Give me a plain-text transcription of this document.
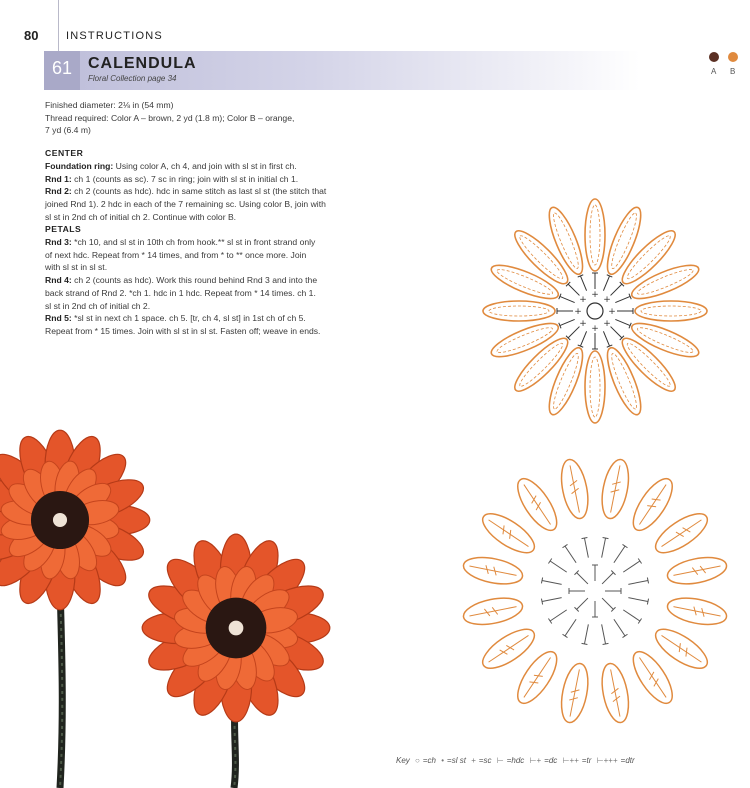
80	INSTRUCTIONS
61 CALENDULA
Floral Collection page 34
A B

Finished diameter: 2⅛ in (54 mm)

Thread required: Color A – brown, 2 yd (1.8 m); Color B – orange,

7 yd (6.4 m)

CENTER

Foundation ring: Using color A, ch 4, and join with sl st in first ch.

Rnd 1: ch 1 (counts as sc). 7 sc in ring; join with sl st in initial ch 1.

Rnd 2: ch 2 (counts as hdc). hdc in same stitch as last sl st (the stitch that

joined Rnd 1). 2 hdc in each of the 7 remaining sc. Using color B, join with

sl st in 2nd ch of initial ch 2. Continue with color B.

PETALS

Rnd 3: *ch 10, and sl st in 10th ch from hook.** sl st in front strand only

of next hdc. Repeat from * 14 times, and from * to ** once more. Join

with sl st in sl st.

Rnd 4: ch 2 (counts as hdc). Work this round behind Rnd 3 and into the

back strand of Rnd 2. *ch 1. hdc in 1 hdc. Repeat from * 14 times. ch 1.

sl st in 2nd ch of initial ch 2.

Rnd 5: *sl st in next ch 1 space. ch 5. [tr, ch 4, sl st] in 1st ch of ch 5.

Repeat from * 15 times. Join with sl st in sl st. Fasten off; weave in ends.

+
+
+
+
+
+ + +
Key ○ =ch • =sl st + =sc ⊢ =hdc ⊢+ =dc ⊢++ =tr ⊢+++ =dtr
